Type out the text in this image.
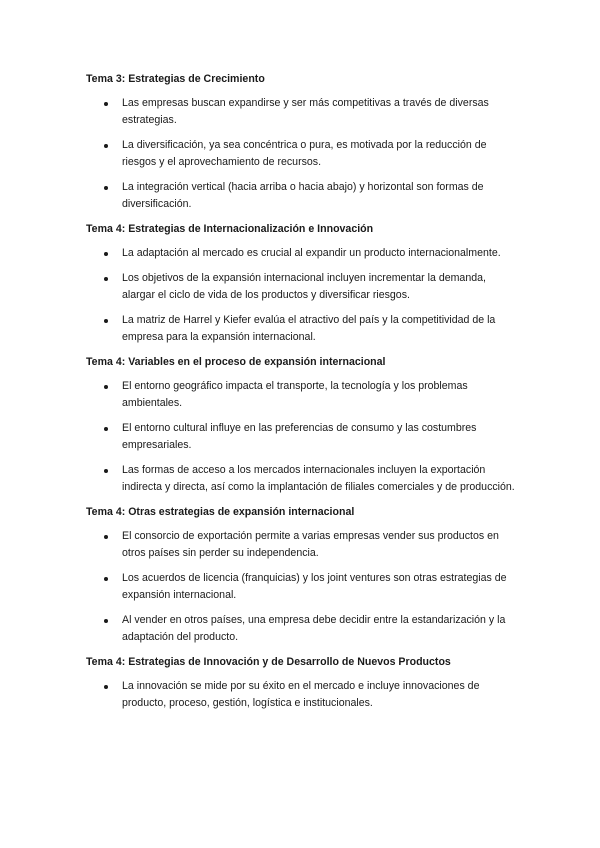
Tema 3: Estrategias de Crecimiento
Las empresas buscan expandirse y ser más competitivas a través de diversas estrategias.
La diversificación, ya sea concéntrica o pura, es motivada por la reducción de riesgos y el aprovechamiento de recursos.
La integración vertical (hacia arriba o hacia abajo) y horizontal son formas de diversificación.
Tema 4: Estrategias de Internacionalización e Innovación
La adaptación al mercado es crucial al expandir un producto internacionalmente.
Los objetivos de la expansión internacional incluyen incrementar la demanda, alargar el ciclo de vida de los productos y diversificar riesgos.
La matriz de Harrel y Kiefer evalúa el atractivo del país y la competitividad de la empresa para la expansión internacional.
Tema 4: Variables en el proceso de expansión internacional
El entorno geográfico impacta el transporte, la tecnología y los problemas ambientales.
El entorno cultural influye en las preferencias de consumo y las costumbres empresariales.
Las formas de acceso a los mercados internacionales incluyen la exportación indirecta y directa, así como la implantación de filiales comerciales y de producción.
Tema 4: Otras estrategias de expansión internacional
El consorcio de exportación permite a varias empresas vender sus productos en otros países sin perder su independencia.
Los acuerdos de licencia (franquicias) y los joint ventures son otras estrategias de expansión internacional.
Al vender en otros países, una empresa debe decidir entre la estandarización y la adaptación del producto.
Tema 4: Estrategias de Innovación y de Desarrollo de Nuevos Productos
La innovación se mide por su éxito en el mercado e incluye innovaciones de producto, proceso, gestión, logística e institucionales.
